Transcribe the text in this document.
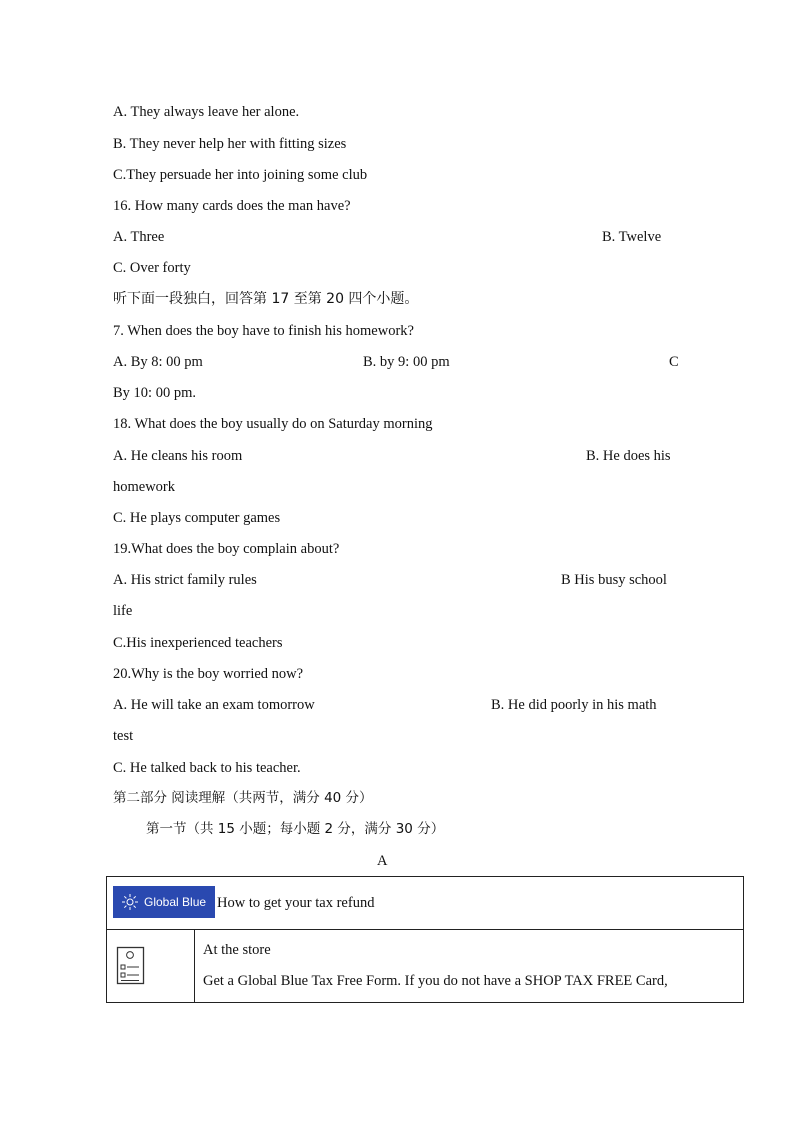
A. They always leave her alone.
B. They never help her with fitting sizes
C.They persuade her into joining some club
16. How many cards does the man have?
A. Three	B. Twelve
C. Over forty
听下面一段独白，回答第 17 至第 20 四个小题。
7. When does the boy have to finish his homework?
A. By 8: 00 pm	B. by 9: 00 pm	C
By 10: 00 pm.
18. What does the boy usually do on Saturday morning
A. He cleans his room	B. He does his
homework
C. He plays computer games
19.What does the boy complain about?
A. His strict family rules	B His busy school
life
C.His inexperienced teachers
20.Why is the boy worried now?
A. He will take an exam tomorrow	B. He did poorly in his math
test
C. He talked back to his teacher.
第二部分 阅读理解（共两节，满分 40 分）
第一节（共 15 小题；每小题 2 分，满分 30 分）
A
Global Blue How to get your tax refund

At the store
Get a Global Blue Tax Free Form. If you do not have a SHOP TAX FREE Card,
